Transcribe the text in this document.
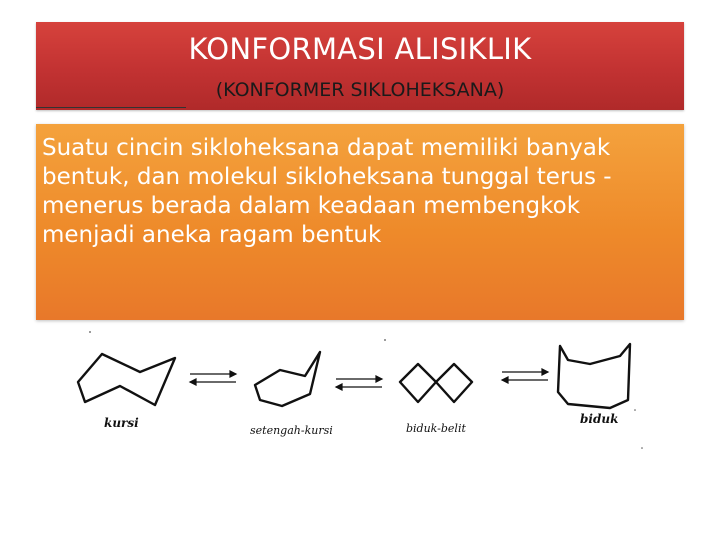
KONFORMASI ALISIKLIK
(KONFORMER SIKLOHEKSANA)
Suatu cincin sikloheksana dapat memiliki banyak bentuk, dan molekul sikloheksana tunggal terus - menerus berada dalam keadaan membengkok menjadi aneka ragam bentuk
kursi
setengah-kursi	biduk-belit
biduk
